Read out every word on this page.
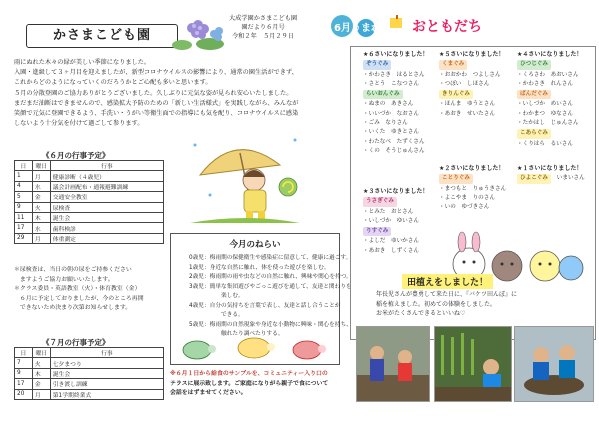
かさまこども園
大成学園かさまこども園
園だより６月号
令和２年　５月２９日
6月うまれの おともだち

雨にぬれた木々の緑が美しい季節になりました。

入園・進級して３ヶ月目を迎えましたが、新型コロナウイルスの影響により、通常の園生活ができず、

これからどのようになっていくのだろうかとご心配も多いと思います。

５月の分散登園のご協力ありがとうございました。久しぶりに元気な姿が見られ安心いたしました。

まだまだ油断はできませんので、感染拡大予防のための「新しい生活様式」を実践しながら、みんなが

笑顔で元気に登園できるよう、手洗い・うがい等衛生面での指導にも気を配り、コロナウイルスに感染

しないよう十分気を付けて過ごして参ります。

《６月の行事予定》
日	曜日	行事
1	月	健康診断（４歳児）
4	水	議会計画配布・通報避難訓練
5	金	交通安全教室
9	火	尿検査
11	木	誕生会
17	水	歯科検診
29	月	体重測定

＊尿検査は、当日の朝の尿をご持参ください

　ますようご協力お願いいたします。

＊クラス委員・英語教室（火）・体育教室（金）

　６月に予定しておりましたが、今のところ再開

　できないため決まり次第お知らせします。

《７月の行事予定》
日	曜日	行事
7	火	七夕まつり
9	木	誕生会
17	金	引き渡し訓練
20	月	第1学期終業式
今月のねらい
0歳児：梅雨期の保健衛生や感染症に留意して、健康に過ごす。
1歳児：身近な自然に触れ、体を使った遊びを楽しむ。
2歳児：梅雨期の雨や虫などの自然に触れ、興味や関心を持つ。
3歳児：簡単な集団遊びやごっこ遊びを通して、友達と関わりを
楽しむ。
4歳児：自分の気持ちを言葉で表し、友達と話し合うことが
できる。
5歳児：梅雨期の自然現象や身近な小動物に興味・関心を持ち、
触れたり調べたりする。
※６月１日から給食のサンプルを、コミュニティー入り口の
テラスに展示致します。ご家庭になりがら親子で食について
会話をはずませてください。
★６さいになりました！
ぞうぐみ
・かわさき　はるとさん
・さとう　こなつさん
らいおんぐみ
・ぬまの　あきさん
・いいづか　なおさん
・ごみ　なりさん
・いくた　ゆきとさん
・わたなべ　たずくさん
・くの　そうじゅんさん
★５さいになりました！
くまぐみ
・おおかわ　つよしさん
・つぼい　しほさん
きりんぐみ
・ほんま　ゆうとさん
・あおき　せいたさん
★４さいになりました！
ひつじぐみ
・くろさわ　あおいさん
・かわさき　れんさん
ぱんだぐみ
・いしづか　めいさん
・わかまつ　ゆなさん
・たかはし　じゅんさん
こあらぐみ
・くりはら　るいさん
★３さいになりました！
うさぎぐみ
・とみた　おとさん
・いしづか　ゆいさん
りすぐみ
・よしだ　ゆいかさん
・あおき　しずくさん
★２さいになりました！
ことりぐみ
・まつもと　りゅうきさん
・よこやま　りのさん
・いの　ゆづきさん
★１さいになりました！
ひよこぐみ いまいさん
田植えをしました！

年長児さんが豊勇して来た日に、『バケツ田んぼ』に

稲を植えました。初めての体験をしました。

お米がたくさんできるといいね♡
